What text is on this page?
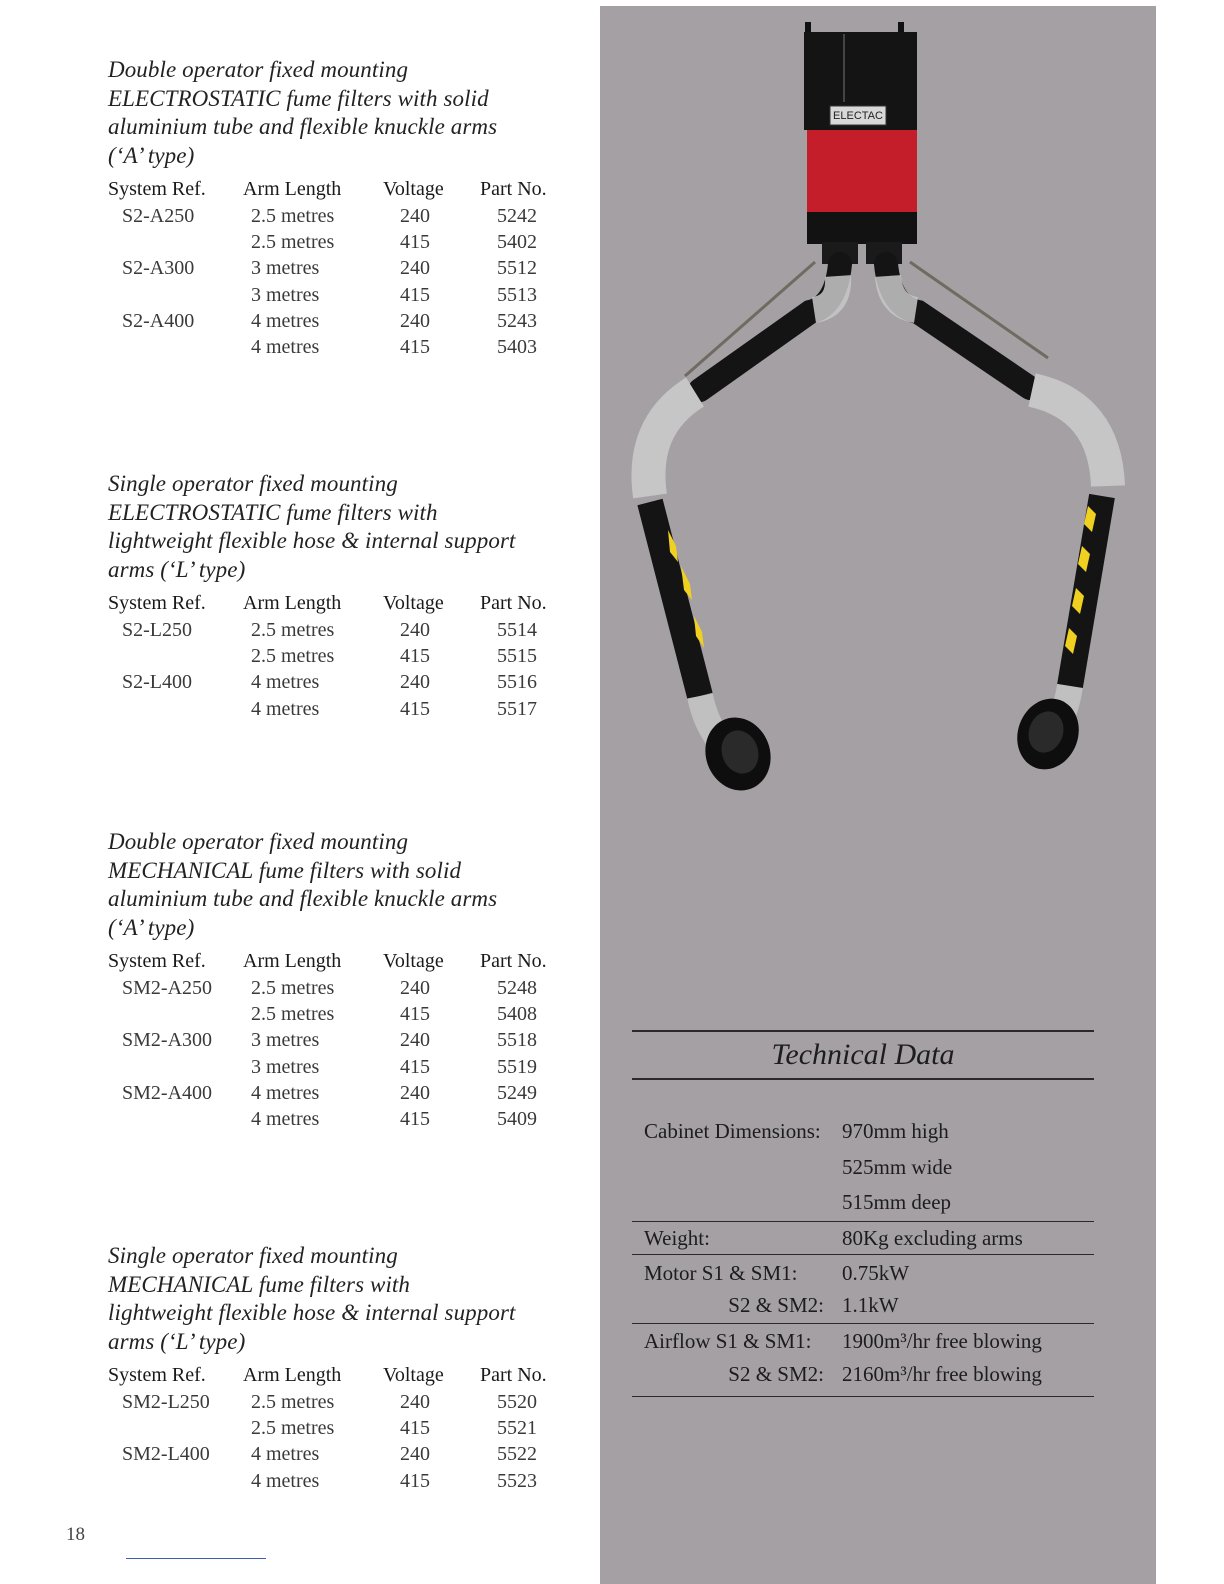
Double operator fixed mounting
ELECTROSTATIC fume filters with solid
aluminium tube and flexible knuckle arms
(‘A’ type)

System Ref.	Arm Length	Voltage	Part No.
S2-A250	2.5 metres	240	5242
	2.5 metres	415	5402
S2-A300	3 metres	240	5512
	3 metres	415	5513
S2-A400	4 metres	240	5243
	4 metres	415	5403

Single operator fixed mounting
ELECTROSTATIC fume filters with
lightweight flexible hose & internal support
arms (‘L’ type)

System Ref.	Arm Length	Voltage	Part No.
S2-L250	2.5 metres	240	5514
	2.5 metres	415	5515
S2-L400	4 metres	240	5516
	4 metres	415	5517

Double operator fixed mounting
MECHANICAL fume filters with solid
aluminium tube and flexible knuckle arms
(‘A’ type)

System Ref.	Arm Length	Voltage	Part No.
SM2-A250	2.5 metres	240	5248
	2.5 metres	415	5408
SM2-A300	3 metres	240	5518
	3 metres	415	5519
SM2-A400	4 metres	240	5249
	4 metres	415	5409

Single operator fixed mounting
MECHANICAL fume filters with
lightweight flexible hose & internal support
arms (‘L’ type)

System Ref.	Arm Length	Voltage	Part No.
SM2-L250	2.5 metres	240	5520
	2.5 metres	415	5521
SM2-L400	4 metres	240	5522
	4 metres	415	5523
18
ELECTAC

Technical Data

Cabinet Dimensions:	970mm high
525mm wide
515mm deep
Weight:	80Kg excluding arms
Motor S1 & SM1:	0.75kW
S2 & SM2: 1.1kW
Airflow S1 & SM1:	1900m³/hr free blowing
S2 & SM2: 2160m³/hr free blowing
